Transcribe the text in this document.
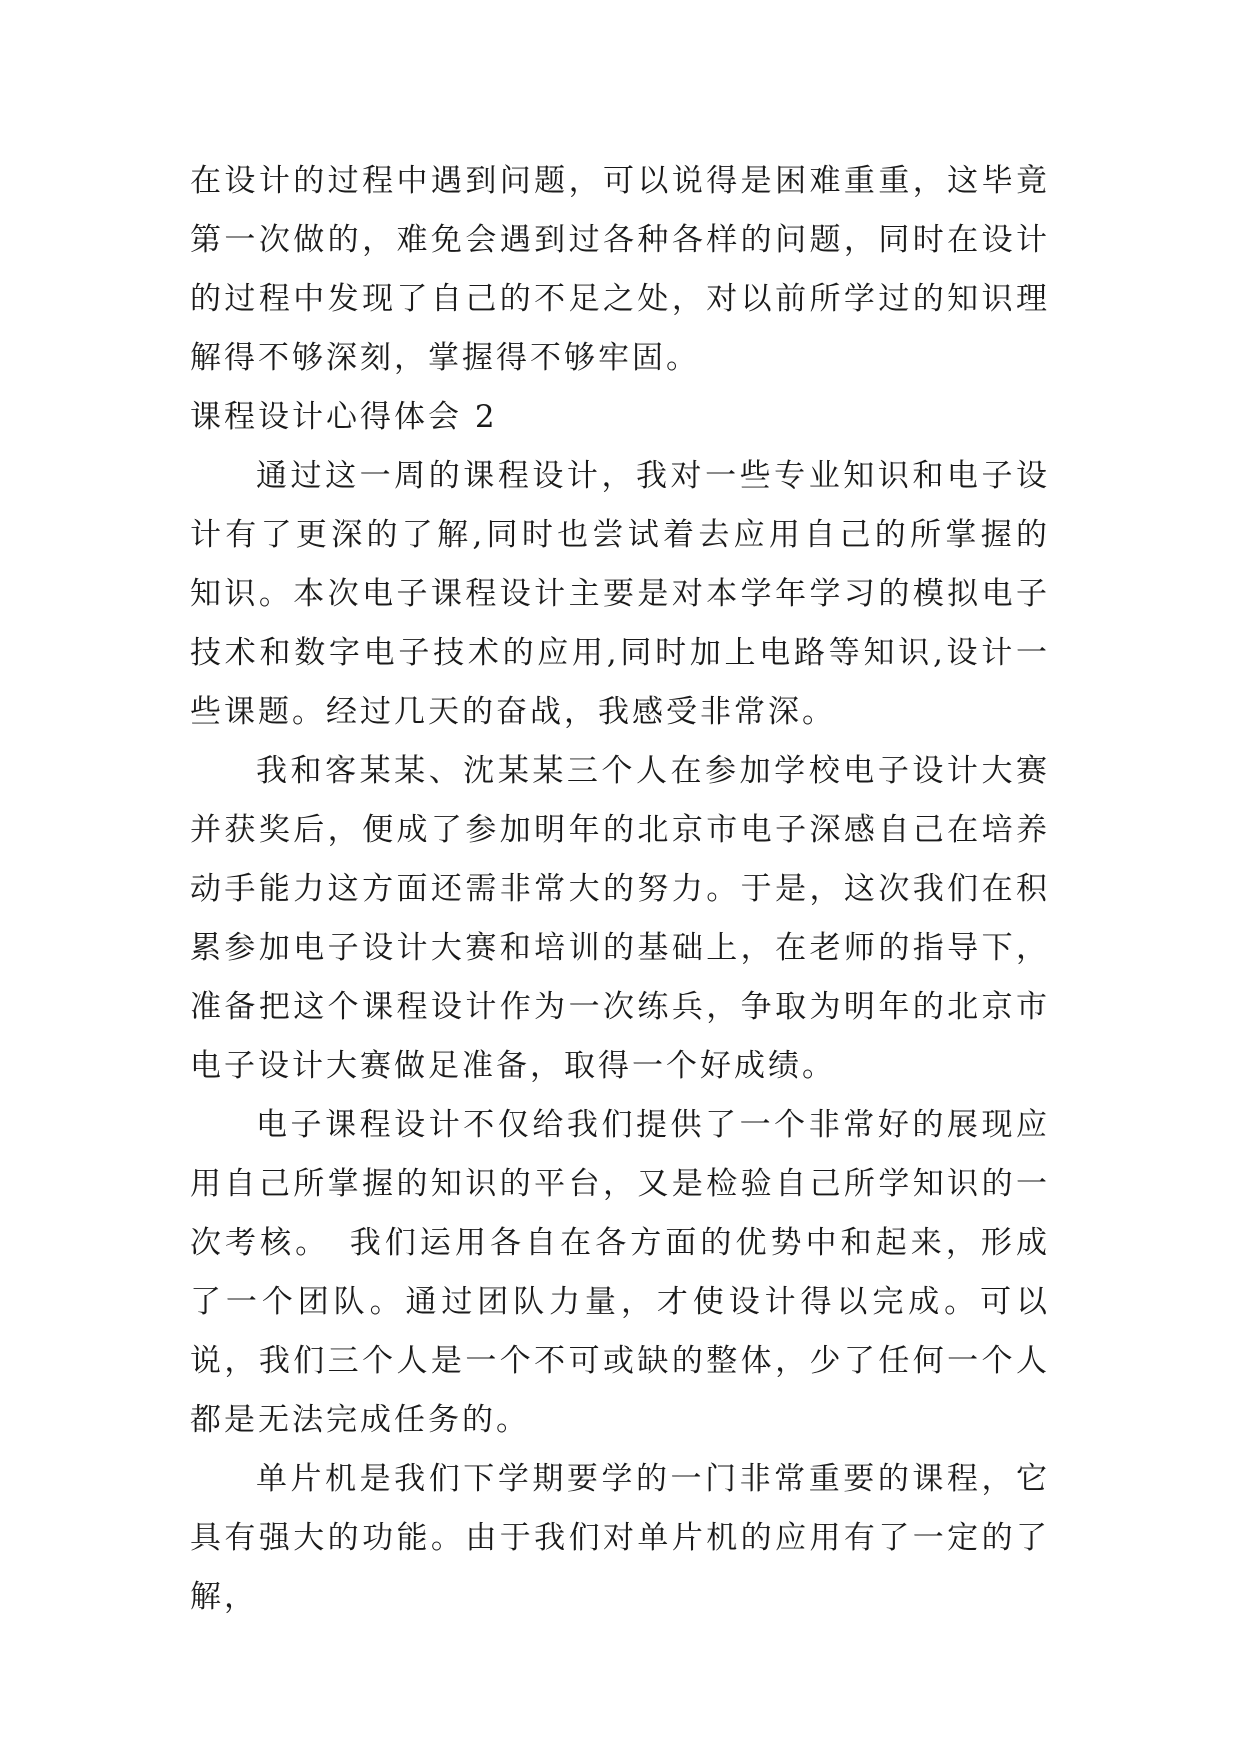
在设计的过程中遇到问题，可以说得是困难重重，这毕竟第一次做的，难免会遇到过各种各样的问题，同时在设计的过程中发现了自己的不足之处，对以前所学过的知识理解得不够深刻，掌握得不够牢固。

课程设计心得体会 2

通过这一周的课程设计，我对一些专业知识和电子设计有了更深的了解,同时也尝试着去应用自己的所掌握的知识。本次电子课程设计主要是对本学年学习的模拟电子技术和数字电子技术的应用,同时加上电路等知识,设计一些课题。经过几天的奋战，我感受非常深。

我和客某某、沈某某三个人在参加学校电子设计大赛并获奖后，便成了参加明年的北京市电子深感自己在培养动手能力这方面还需非常大的努力。于是，这次我们在积累参加电子设计大赛和培训的基础上，在老师的指导下，准备把这个课程设计作为一次练兵，争取为明年的北京市电子设计大赛做足准备，取得一个好成绩。

电子课程设计不仅给我们提供了一个非常好的展现应用自己所掌握的知识的平台，又是检验自己所学知识的一次考核。　我们运用各自在各方面的优势中和起来，形成了一个团队。通过团队力量，才使设计得以完成。可以说，我们三个人是一个不可或缺的整体，少了任何一个人都是无法完成任务的。

单片机是我们下学期要学的一门非常重要的课程，它具有强大的功能。由于我们对单片机的应用有了一定的了解，
